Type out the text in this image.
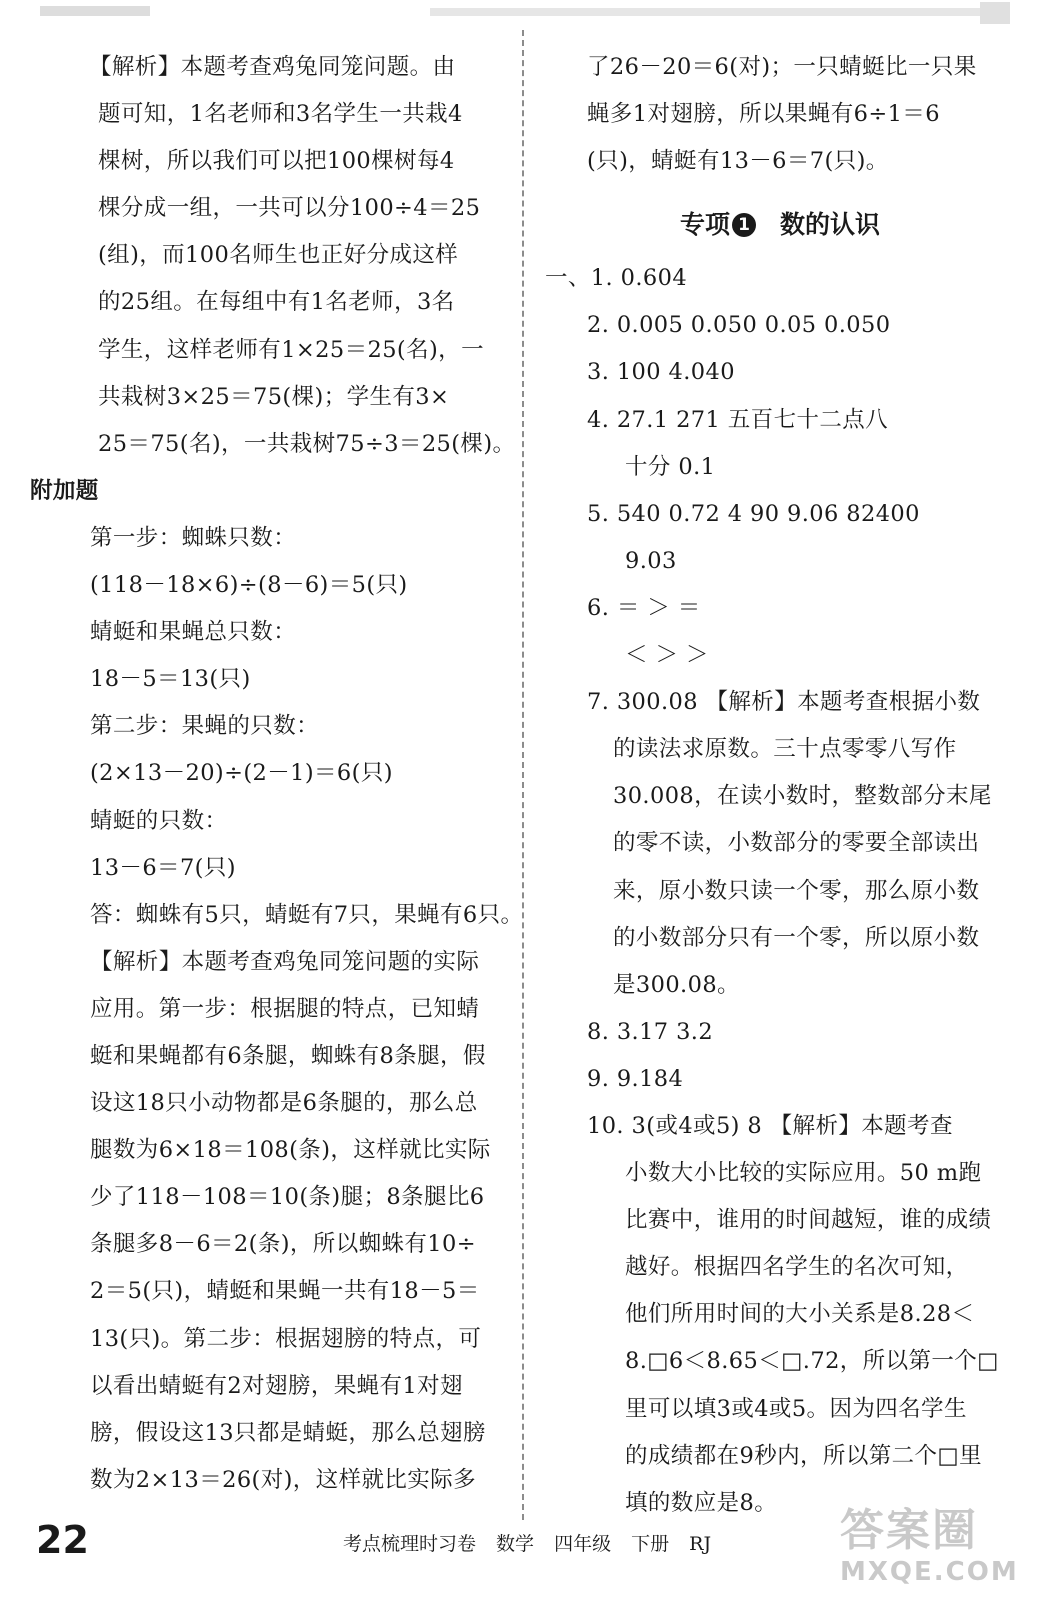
【解析】本题考查鸡兔同笼问题。由
题可知，1名老师和3名学生一共栽4
棵树，所以我们可以把100棵树每4
棵分成一组，一共可以分100÷4＝25
(组)，而100名师生也正好分成这样
的25组。在每组中有1名老师，3名
学生，这样老师有1×25＝25(名)，一
共栽树3×25＝75(棵)；学生有3×
25＝75(名)，一共栽树75÷3＝25(棵)。
附加题
第一步：蜘蛛只数：
(118－18×6)÷(8－6)＝5(只)
蜻蜓和果蝇总只数：
18－5＝13(只)
第二步：果蝇的只数：
(2×13－20)÷(2－1)＝6(只)
蜻蜓的只数：
13－6＝7(只)
答：蜘蛛有5只，蜻蜓有7只，果蝇有6只。
【解析】本题考查鸡兔同笼问题的实际
应用。第一步：根据腿的特点，已知蜻
蜓和果蝇都有6条腿，蜘蛛有8条腿，假
设这18只小动物都是6条腿的，那么总
腿数为6×18＝108(条)，这样就比实际
少了118－108＝10(条)腿；8条腿比6
条腿多8－6＝2(条)，所以蜘蛛有10÷
2＝5(只)，蜻蜓和果蝇一共有18－5＝
13(只)。第二步：根据翅膀的特点，可
以看出蜻蜓有2对翅膀，果蝇有1对翅
膀，假设这13只都是蜻蜓，那么总翅膀
数为2×13＝26(对)，这样就比实际多
了26－20＝6(对)；一只蜻蜓比一只果
蝇多1对翅膀，所以果蝇有6÷1＝6
(只)，蜻蜓有13－6＝7(只)。
专项 1 数的认识
一、1. 0.604
2. 0.005 0.050 0.05 0.050
3. 100 4.040
4. 27.1 271 五百七十二点八
十分 0.1
5. 540 0.72 4 90 9.06 82400
9.03
6. ＝ ＞ ＝
＜ ＞ ＞
7. 300.08 【解析】本题考查根据小数
的读法求原数。三十点零零八写作
30.008，在读小数时，整数部分末尾
的零不读，小数部分的零要全部读出
来，原小数只读一个零，那么原小数
的小数部分只有一个零，所以原小数
是300.08。
8. 3.17 3.2
9. 9.184
10. 3(或4或5) 8 【解析】本题考查
小数大小比较的实际应用。50 m跑
比赛中，谁用的时间越短，谁的成绩
越好。根据四名学生的名次可知，
他们所用时间的大小关系是8.28＜
8.□6＜8.65＜□.72，所以第一个□
里可以填3或4或5。因为四名学生
的成绩都在9秒内，所以第二个□里
填的数应是8。
22	考点梳理时习卷 数学 四年级 下册 RJ	答案圈
MXQE.COM
